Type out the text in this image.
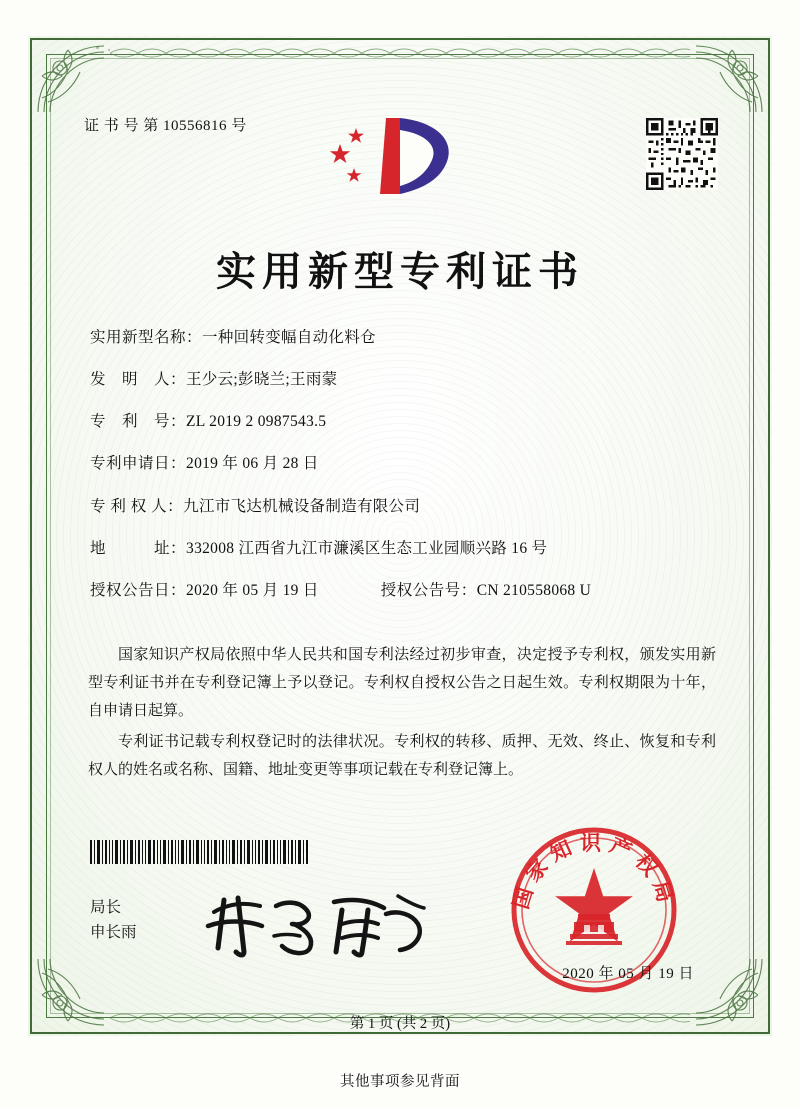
证 书 号 第 10556816 号
实用新型专利证书
实用新型名称： 一种回转变幅自动化料仓
发　明　人： 王少云;彭晓兰;王雨蒙
专　利　号： ZL 2019 2 0987543.5
专利申请日： 2019 年 06 月 28 日
专 利 权 人： 九江市飞达机械设备制造有限公司
地　　　址： 332008 江西省九江市濂溪区生态工业园顺兴路 16 号
授权公告日： 2020 年 05 月 19 日	授权公告号： CN 210558068 U

国家知识产权局依照中华人民共和国专利法经过初步审查，决定授予专利权，颁发实用新型专利证书并在专利登记簿上予以登记。专利权自授权公告之日起生效。专利权期限为十年，自申请日起算。

专利证书记载专利权登记时的法律状况。专利权的转移、质押、无效、终止、恢复和专利权人的姓名或名称、国籍、地址变更等事项记载在专利登记簿上。

局长
申长雨
国家知识产权局
2020 年 05 月 19 日
第 1 页 (共 2 页)
其他事项参见背面
